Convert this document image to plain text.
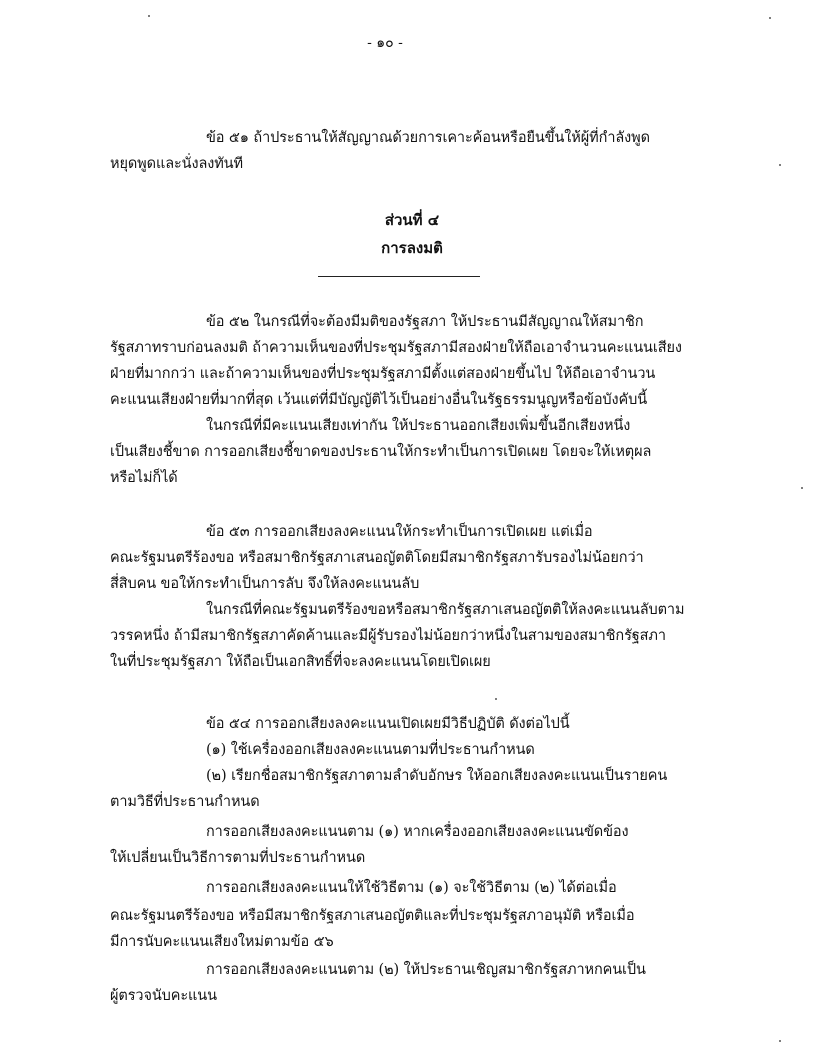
- ๑๐ -
ข้อ ๕๑ ถ้าประธานให้สัญญาณด้วยการเคาะค้อนหรือยืนขึ้นให้ผู้ที่กำลังพูด
หยุดพูดและนั่งลงทันที
ส่วนที่ ๔
การลงมติ
ข้อ ๕๒ ในกรณีที่จะต้องมีมติของรัฐสภา ให้ประธานมีสัญญาณให้สมาชิก
รัฐสภาทราบก่อนลงมติ ถ้าความเห็นของที่ประชุมรัฐสภามีสองฝ่ายให้ถือเอาจำนวนคะแนนเสียง
ฝ่ายที่มากกว่า และถ้าความเห็นของที่ประชุมรัฐสภามีตั้งแต่สองฝ่ายขึ้นไป ให้ถือเอาจำนวน
คะแนนเสียงฝ่ายที่มากที่สุด เว้นแต่ที่มีบัญญัติไว้เป็นอย่างอื่นในรัฐธรรมนูญหรือข้อบังคับนี้
ในกรณีที่มีคะแนนเสียงเท่ากัน ให้ประธานออกเสียงเพิ่มขึ้นอีกเสียงหนึ่ง
เป็นเสียงชี้ขาด การออกเสียงชี้ขาดของประธานให้กระทำเป็นการเปิดเผย โดยจะให้เหตุผล
หรือไม่ก็ได้
ข้อ ๕๓ การออกเสียงลงคะแนนให้กระทำเป็นการเปิดเผย แต่เมื่อ
คณะรัฐมนตรีร้องขอ หรือสมาชิกรัฐสภาเสนอญัตติโดยมีสมาชิกรัฐสภารับรองไม่น้อยกว่า
สี่สิบคน ขอให้กระทำเป็นการลับ จึงให้ลงคะแนนลับ
ในกรณีที่คณะรัฐมนตรีร้องขอหรือสมาชิกรัฐสภาเสนอญัตติให้ลงคะแนนลับตาม
วรรคหนึ่ง ถ้ามีสมาชิกรัฐสภาคัดค้านและมีผู้รับรองไม่น้อยกว่าหนึ่งในสามของสมาชิกรัฐสภา
ในที่ประชุมรัฐสภา ให้ถือเป็นเอกสิทธิ์ที่จะลงคะแนนโดยเปิดเผย
ข้อ ๕๔ การออกเสียงลงคะแนนเปิดเผยมีวิธีปฏิบัติ ดังต่อไปนี้
(๑) ใช้เครื่องออกเสียงลงคะแนนตามที่ประธานกำหนด
(๒) เรียกชื่อสมาชิกรัฐสภาตามลำดับอักษร ให้ออกเสียงลงคะแนนเป็นรายคน
ตามวิธีที่ประธานกำหนด
การออกเสียงลงคะแนนตาม (๑) หากเครื่องออกเสียงลงคะแนนขัดข้อง
ให้เปลี่ยนเป็นวิธีการตามที่ประธานกำหนด
การออกเสียงลงคะแนนให้ใช้วิธีตาม (๑) จะใช้วิธีตาม (๒) ได้ต่อเมื่อ
คณะรัฐมนตรีร้องขอ หรือมีสมาชิกรัฐสภาเสนอญัตติและที่ประชุมรัฐสภาอนุมัติ หรือเมื่อ
มีการนับคะแนนเสียงใหม่ตามข้อ ๕๖
การออกเสียงลงคะแนนตาม (๒) ให้ประธานเชิญสมาชิกรัฐสภาหกคนเป็น
ผู้ตรวจนับคะแนน
